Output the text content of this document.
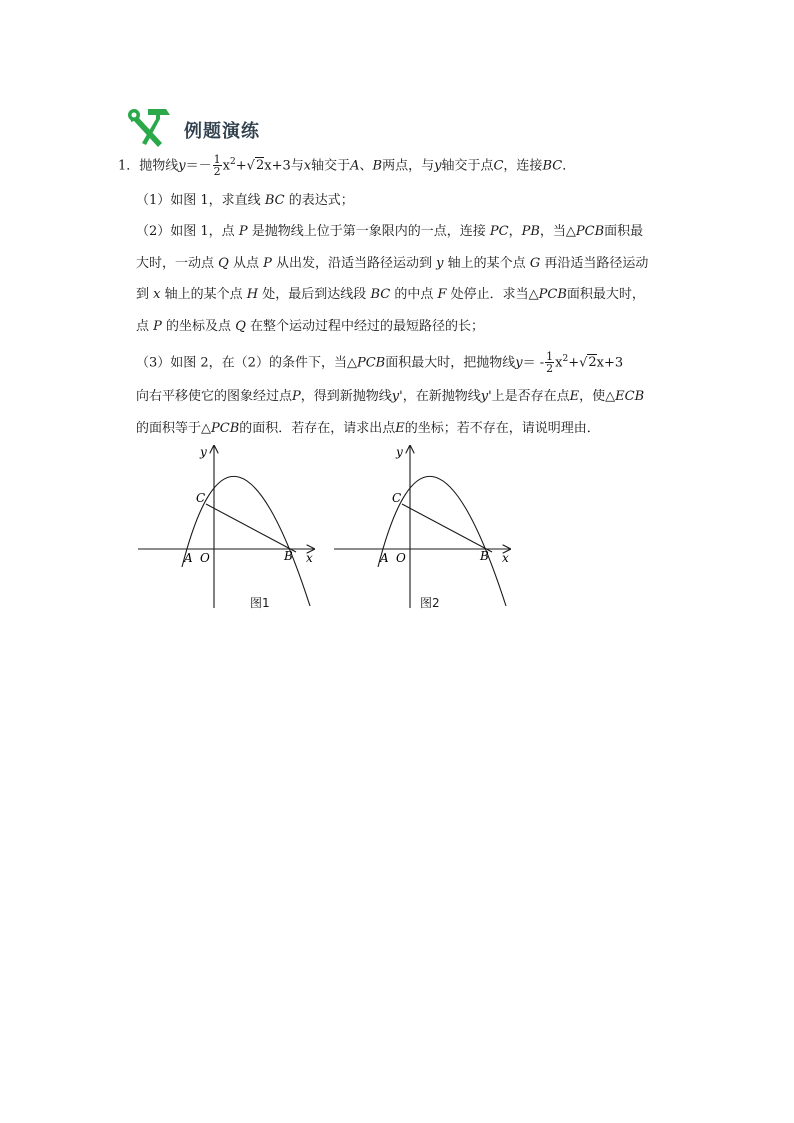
例题演练
1．抛物线$y=- \frac{1}{2} x^2+√2x+3$与x轴交于A、B两点，与y轴交于点C，连接BC．
（1）如图 1，求直线 BC 的表达式；
（2）如图 1，点 P 是抛物线上位于第一象限内的一点，连接 PC，PB，当△PCB面积最
大时，一动点 Q 从点 P 从出发，沿适当路径运动到 y 轴上的某个点 G 再沿适当路径运动
到 x 轴上的某个点 H 处，最后到达线段 BC 的中点 F 处停止．求当△PCB面积最大时，
点 P 的坐标及点 Q 在整个运动过程中经过的最短路径的长；
（3）如图 2，在（2）的条件下，当△PCB面积最大时，把抛物线$y= - \frac{1}{2} x^2+√2x+3$
向右平移使它的图象经过点P，得到新抛物线y'，在新抛物线y'上是否存在点E，使△ECB
的面积等于△PCB的面积．若存在，请求出点E的坐标；若不存在，请说明理由．
y
x
C
A O	B
图1
y
x
C
A O	B
图2
